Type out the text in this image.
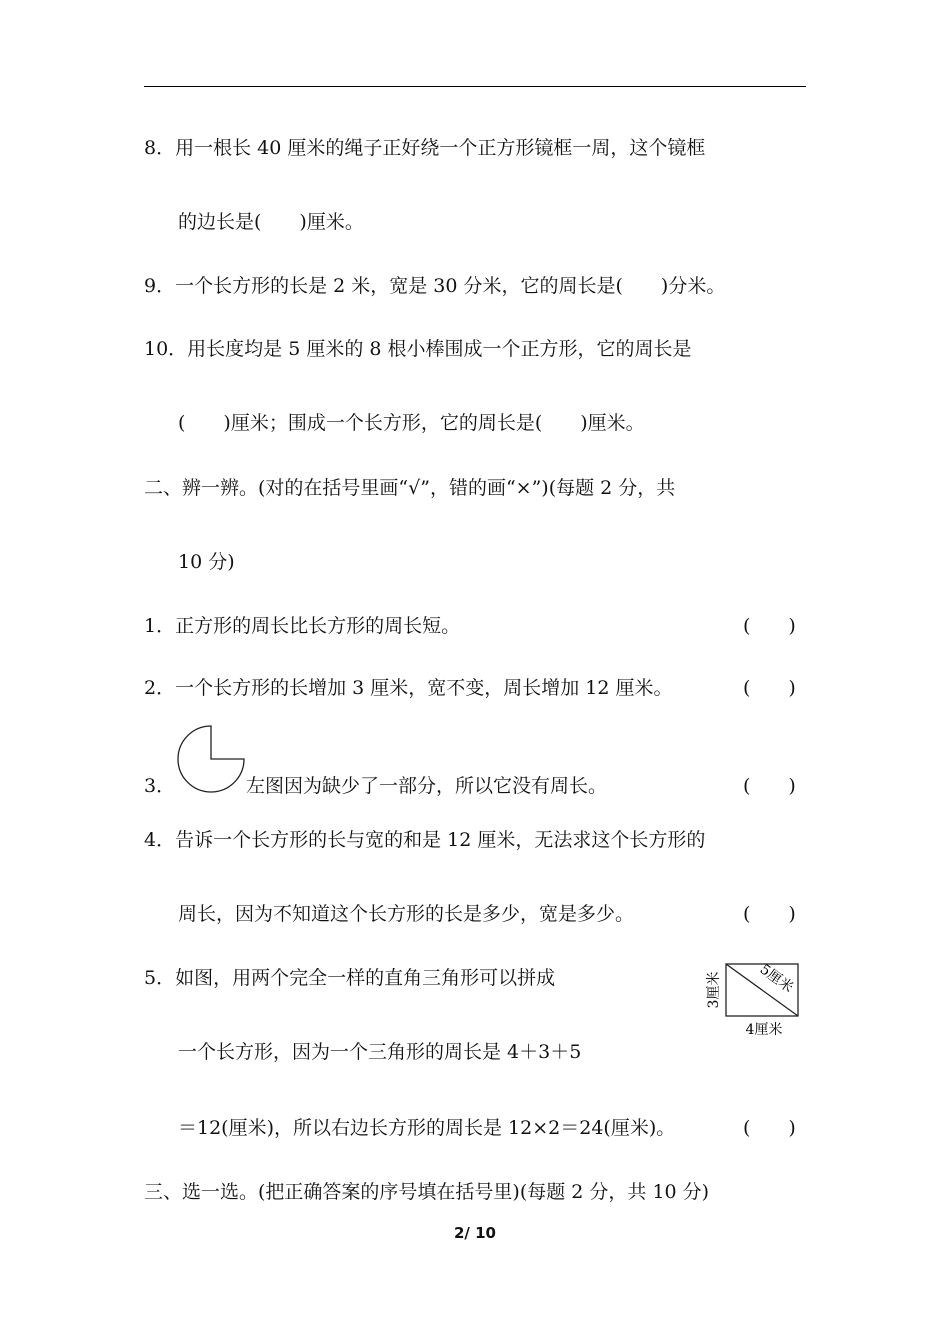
8．用一根长 40 厘米的绳子正好绕一个正方形镜框一周，这个镜框
的边长是(　　)厘米。
9．一个长方形的长是 2 米，宽是 30 分米，它的周长是(　　)分米。
10．用长度均是 5 厘米的 8 根小棒围成一个正方形，它的周长是
(　　)厘米；围成一个长方形，它的周长是(　　)厘米。
二、辨一辨。(对的在括号里画“√”，错的画“×”)(每题 2 分，共
10 分)
1．正方形的周长比长方形的周长短。	(　　)
2．一个长方形的长增加 3 厘米，宽不变，周长增加 12 厘米。	(　　)
3．	左图因为缺少了一部分，所以它没有周长。	(　　)
4．告诉一个长方形的长与宽的和是 12 厘米，无法求这个长方形的
周长，因为不知道这个长方形的长是多少，宽是多少。	(　　)
5．如图，用两个完全一样的直角三角形可以拼成
一个长方形，因为一个三角形的周长是 4＋3＋5
＝12(厘米)，所以右边长方形的周长是 12×2＝24(厘米)。	(　　)
3厘米 5厘米
4厘米
三、选一选。(把正确答案的序号填在括号里)(每题 2 分，共 10 分)
2/ 10
